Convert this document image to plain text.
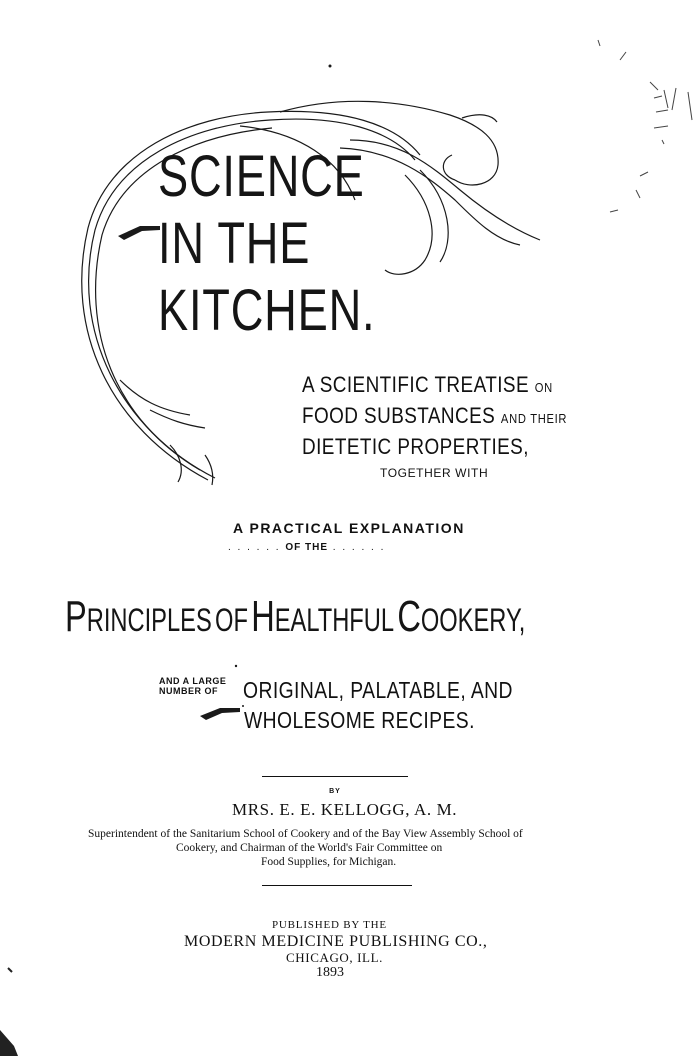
SCIENCE
IN THE
KITCHEN.
A SCIENTIFIC TREATISE ON
FOOD SUBSTANCES AND THEIR
DIETETIC PROPERTIES,
TOGETHER WITH
A PRACTICAL EXPLANATION
. . . . . . OF THE . . . . . .
PRINCIPLES OF HEALTHFUL COOKERY,
AND A LARGE
NUMBER OF	ORIGINAL, PALATABLE, AND
WHOLESOME RECIPES.
BY
MRS. E. E. KELLOGG, A. M.
Superintendent of the Sanitarium School of Cookery and of the Bay View Assembly School of
Cookery, and Chairman of the World's Fair Committee on
Food Supplies, for Michigan.
PUBLISHED BY THE
MODERN MEDICINE PUBLISHING CO.,
CHICAGO, ILL.
1893
